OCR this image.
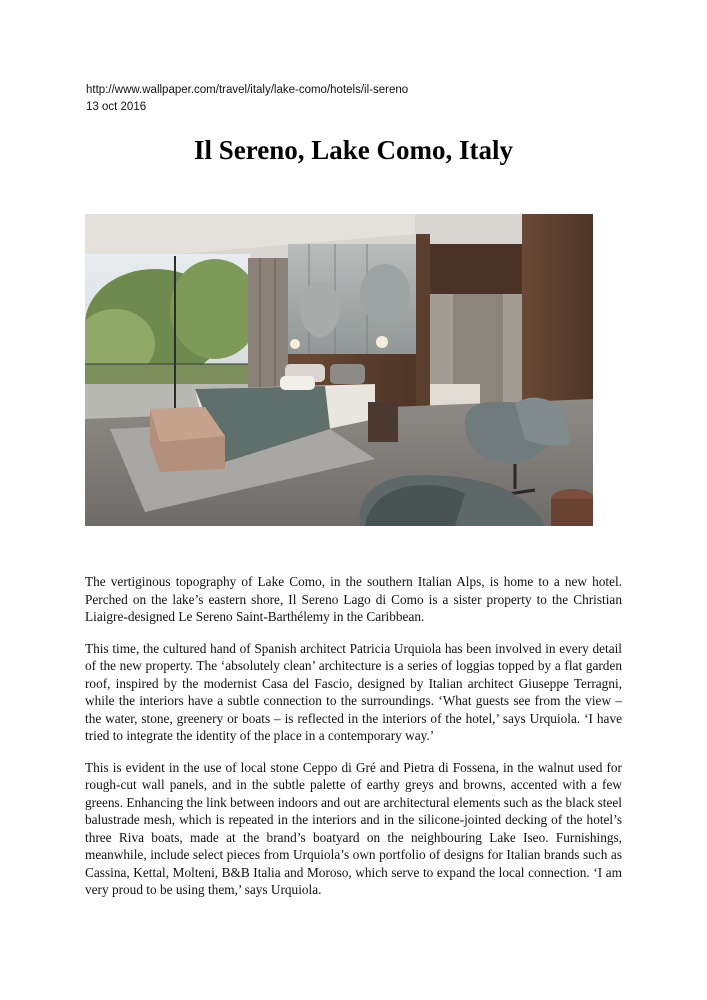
http://www.wallpaper.com/travel/italy/lake-como/hotels/il-sereno
13 oct 2016
Il Sereno, Lake Como, Italy

The vertiginous topography of Lake Como, in the southern Italian Alps, is home to a new hotel. Perched on the lake’s eastern shore, Il Sereno Lago di Como is a sister property to the Christian Liaigre-designed Le Sereno Saint-Barthélemy in the Caribbean.

This time, the cultured hand of Spanish architect Patricia Urquiola has been involved in every detail of the new property. The ‘absolutely clean’ architecture is a series of loggias topped by a flat garden roof, inspired by the modernist Casa del Fascio, designed by Italian architect Giuseppe Terragni, while the interiors have a subtle connection to the surroundings. ‘What guests see from the view – the water, stone, greenery or boats – is reflected in the interiors of the hotel,’ says Urquiola. ‘I have tried to integrate the identity of the place in a contemporary way.’

This is evident in the use of local stone Ceppo di Gré and Pietra di Fossena, in the walnut used for rough-cut wall panels, and in the subtle palette of earthy greys and browns, accented with a few greens. Enhancing the link between indoors and out are architectural elements such as the black steel balustrade mesh, which is repeated in the interiors and in the silicone-jointed decking of the hotel’s three Riva boats, made at the brand’s boatyard on the neighbouring Lake Iseo. Furnishings, meanwhile, include select pieces from Urquiola’s own portfolio of designs for Italian brands such as Cassina, Kettal, Molteni, B&B Italia and Moroso, which serve to expand the local connection. ‘I am very proud to be using them,’ says Urquiola.
